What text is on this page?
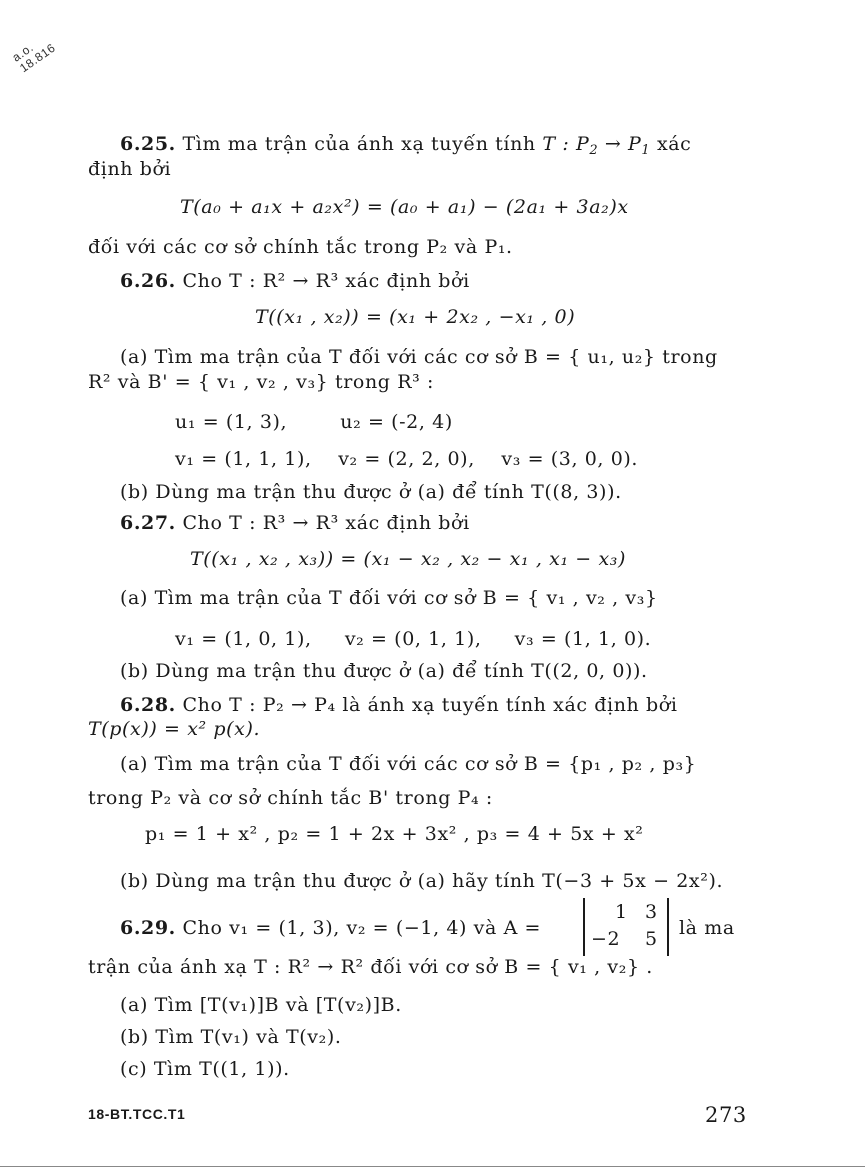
a.o.
18.816
6.25. Tìm ma trận của ánh xạ tuyến tính T : $P_2 \to P_1$ xác
định bởi
T(a₀ + a₁x + a₂x²) = (a₀ + a₁) − (2a₁ + 3a₂)x
đối với các cơ sở chính tắc trong P₂ và P₁.
6.26. Cho T : R² → R³ xác định bởi
T((x₁ , x₂)) = (x₁ + 2x₂ , −x₁ , 0)
(a) Tìm ma trận của T đối với các cơ sở B = { u₁, u₂} trong
R² và B' = { v₁ , v₂ , v₃} trong R³ :
u₁ = (1, 3),        u₂ = (-2, 4)
v₁ = (1, 1, 1),    v₂ = (2, 2, 0),    v₃ = (3, 0, 0).
(b) Dùng ma trận thu được ở (a) để tính T((8, 3)).
6.27. Cho T : R³ → R³ xác định bởi
T((x₁ , x₂ , x₃)) = (x₁ − x₂ , x₂ − x₁ , x₁ − x₃)
(a) Tìm ma trận của T đối với cơ sở B = { v₁ , v₂ , v₃}
v₁ = (1, 0, 1),     v₂ = (0, 1, 1),     v₃ = (1, 1, 0).
(b) Dùng ma trận thu được ở (a) để tính T((2, 0, 0)).
6.28. Cho T : P₂ → P₄ là ánh xạ tuyến tính xác định bởi
T(p(x)) = x² p(x).
(a) Tìm ma trận của T đối với các cơ sở B = {p₁ , p₂ , p₃}
trong P₂ và cơ sở chính tắc B' trong P₄ :
p₁ = 1 + x² , p₂ = 1 + 2x + 3x² , p₃ = 4 + 5x + x²
(b) Dùng ma trận thu được ở (a) hãy tính T(−3 + 5x − 2x²).
6.29. Cho v₁ = (1, 3), v₂ = (−1, 4) và A =
1 3
−2 5 là ma
trận của ánh xạ T : R² → R² đối với cơ sở B = { v₁ , v₂} .
(a) Tìm [T(v₁)]B và [T(v₂)]B.
(b) Tìm T(v₁) và T(v₂).
(c) Tìm T((1, 1)).
18-BT.TCC.T1	273
